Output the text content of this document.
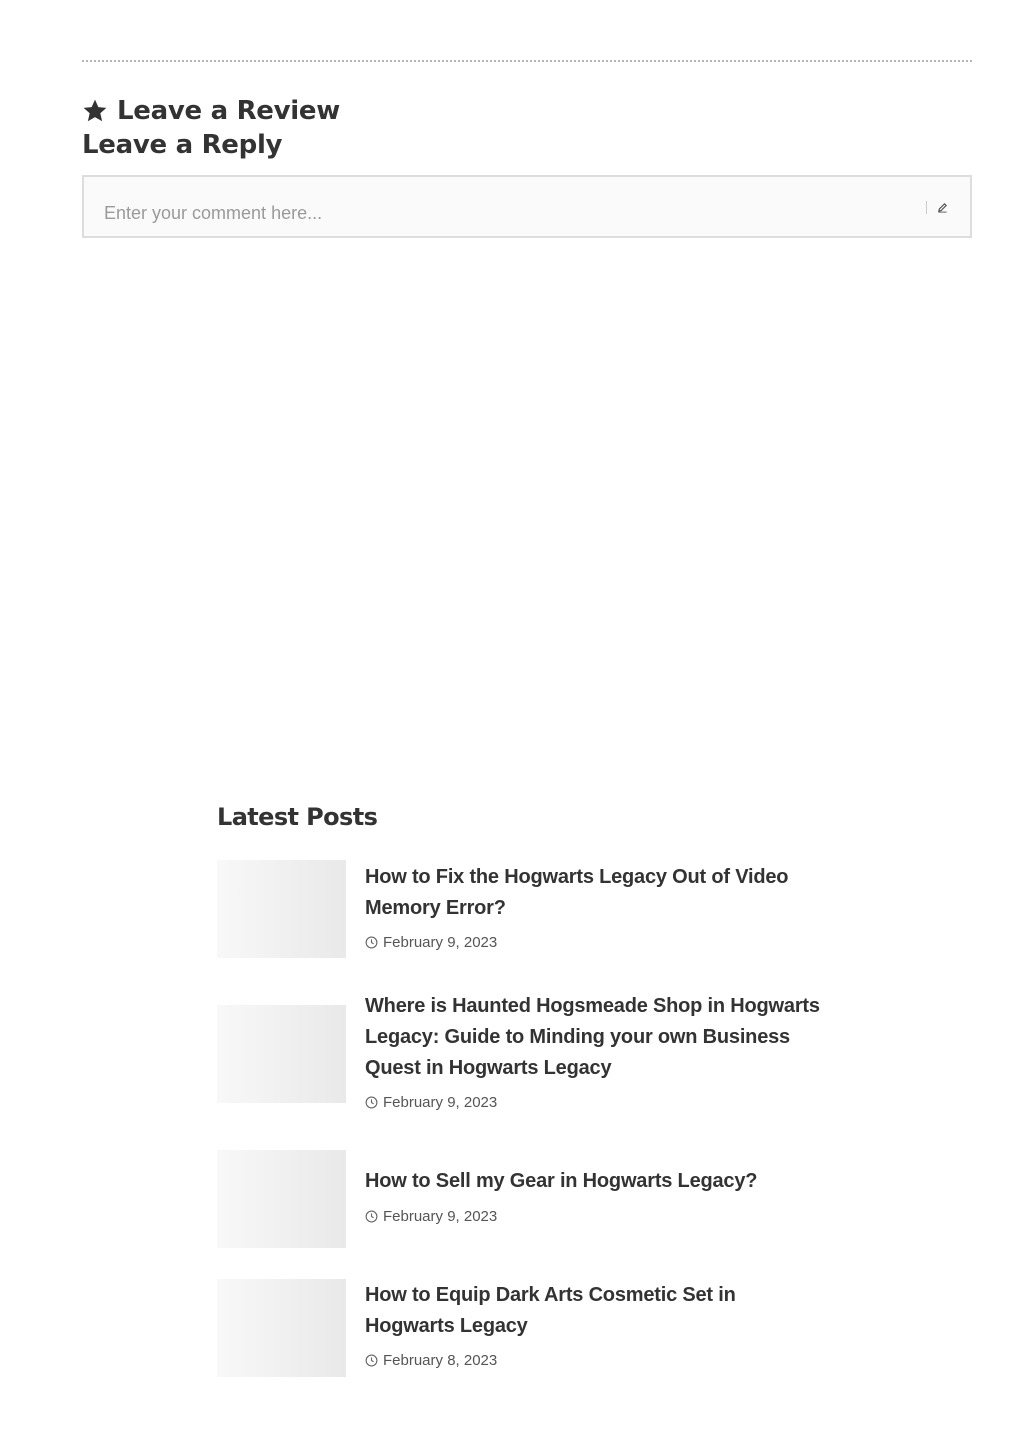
Leave a Review
Leave a Reply
Enter your comment here...
Latest Posts
How to Fix the Hogwarts Legacy Out of Video Memory Error?
February 9, 2023
Where is Haunted Hogsmeade Shop in Hogwarts Legacy: Guide to Minding your own Business Quest in Hogwarts Legacy
February 9, 2023
How to Sell my Gear in Hogwarts Legacy?
February 9, 2023
How to Equip Dark Arts Cosmetic Set in Hogwarts Legacy
February 8, 2023
